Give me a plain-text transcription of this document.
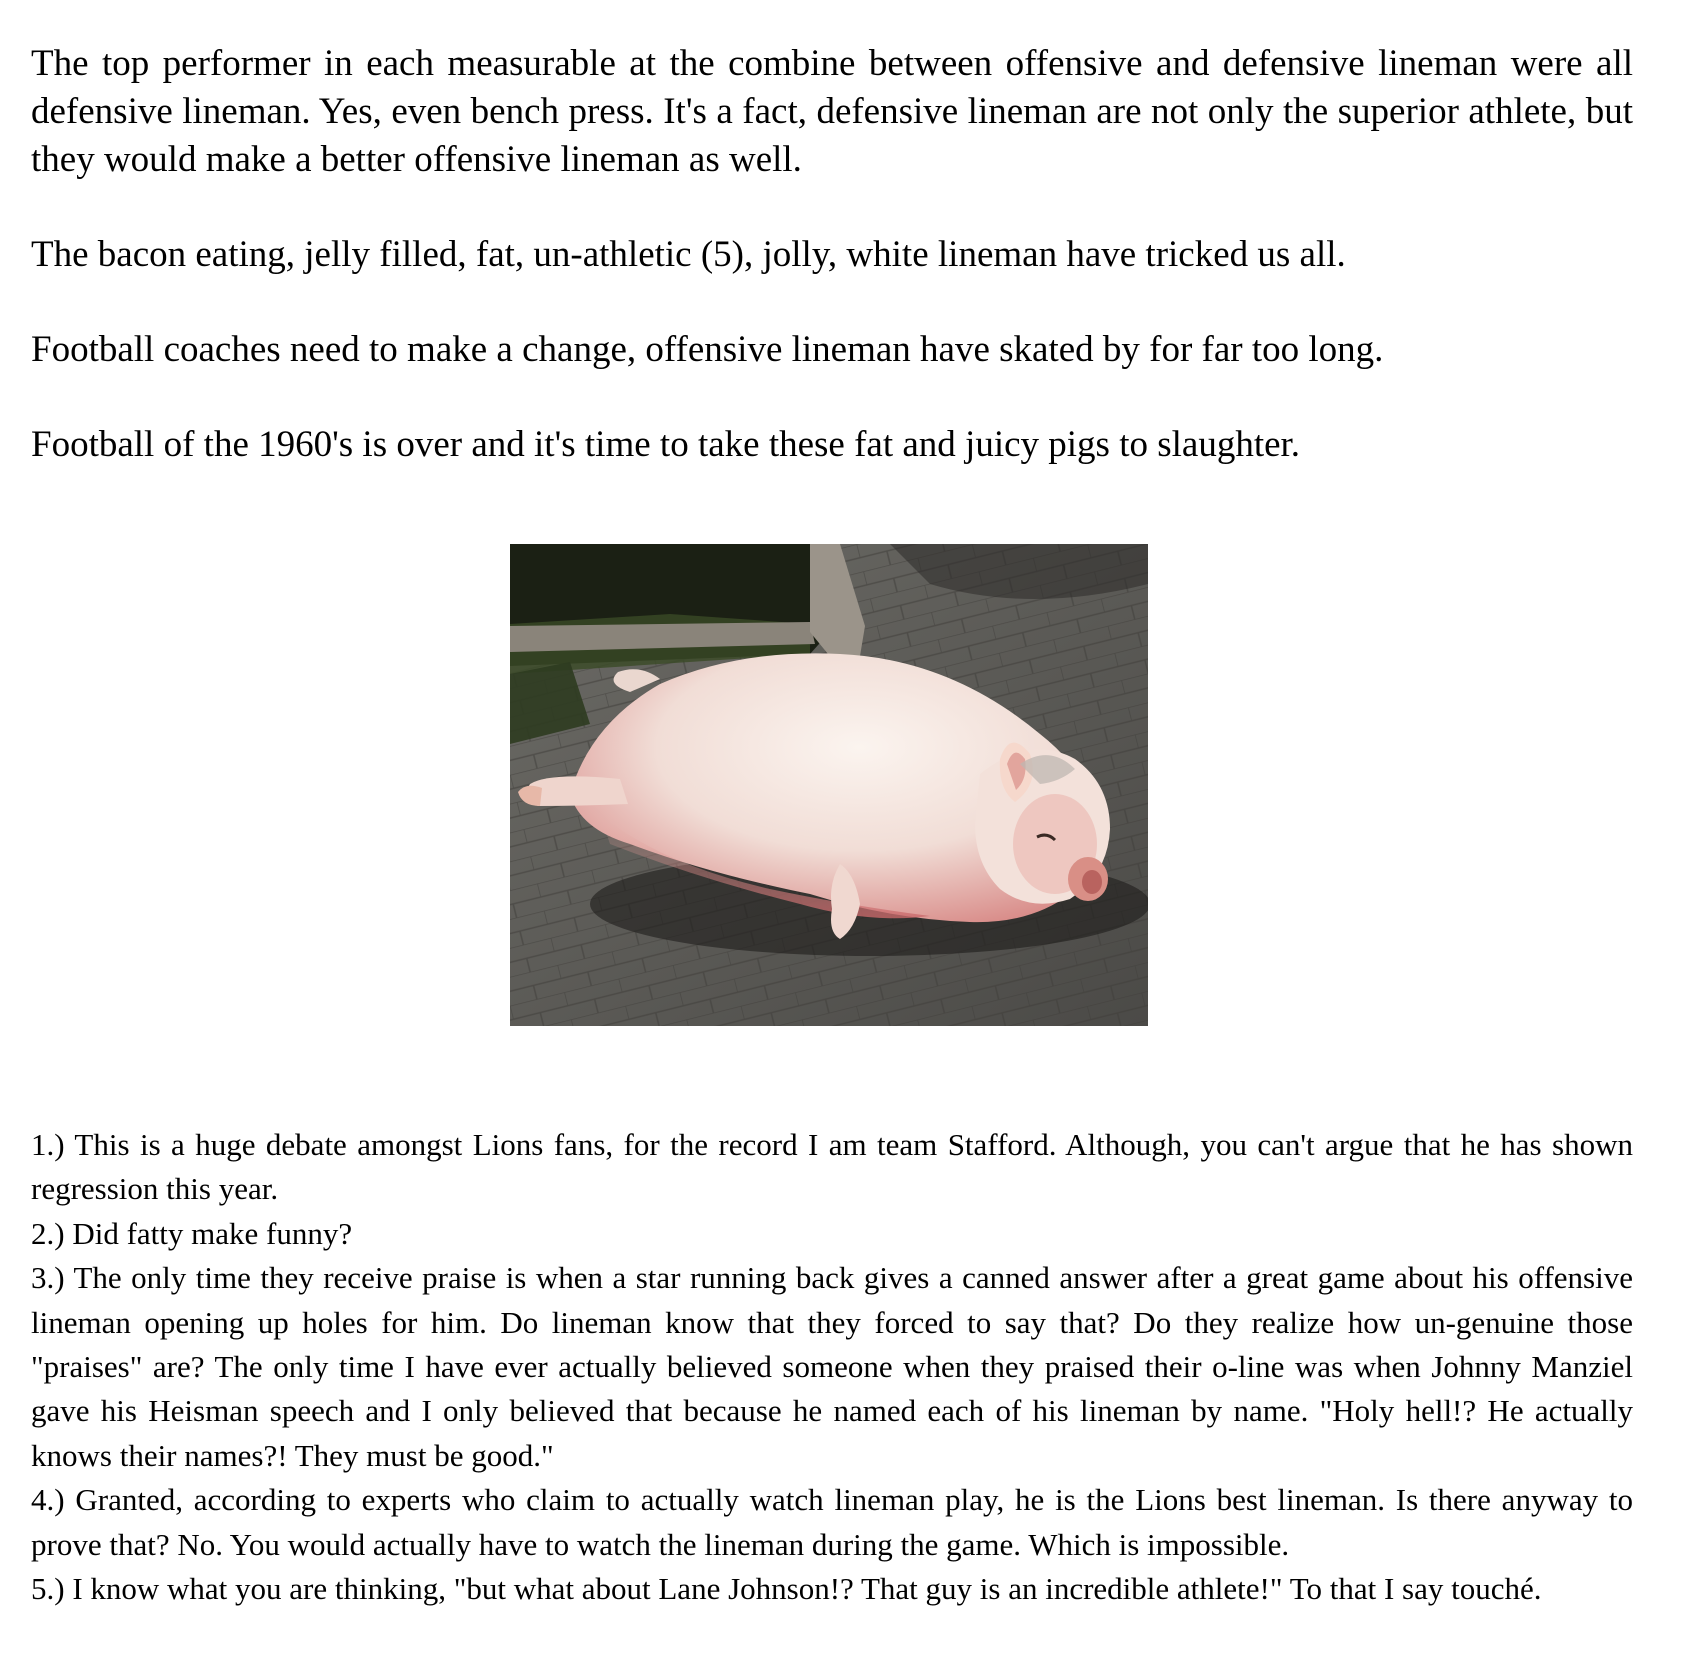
The top performer in each measurable at the combine between offensive and defensive lineman were all defensive lineman. Yes, even bench press. It's a fact, defensive lineman are not only the superior athlete, but they would make a better offensive lineman as well.

The bacon eating, jelly filled, fat, un-athletic (5), jolly, white lineman have tricked us all.

Football coaches need to make a change, offensive lineman have skated by for far too long.

Football of the 1960's is over and it's time to take these fat and juicy pigs to slaughter.

1.) This is a huge debate amongst Lions fans, for the record I am team Stafford. Although, you can't argue that he has shown regression this year.

2.) Did fatty make funny?

3.) The only time they receive praise is when a star running back gives a canned answer after a great game about his offensive lineman opening up holes for him. Do lineman know that they forced to say that? Do they realize how un-genuine those "praises" are? The only time I have ever actually believed someone when they praised their o-line was when Johnny Manziel gave his Heisman speech and I only believed that because he named each of his lineman by name. "Holy hell!? He actually knows their names?! They must be good."

4.) Granted, according to experts who claim to actually watch lineman play, he is the Lions best lineman. Is there anyway to prove that? No. You would actually have to watch the lineman during the game. Which is impossible.

5.) I know what you are thinking, "but what about Lane Johnson!? That guy is an incredible athlete!" To that I say touché.
